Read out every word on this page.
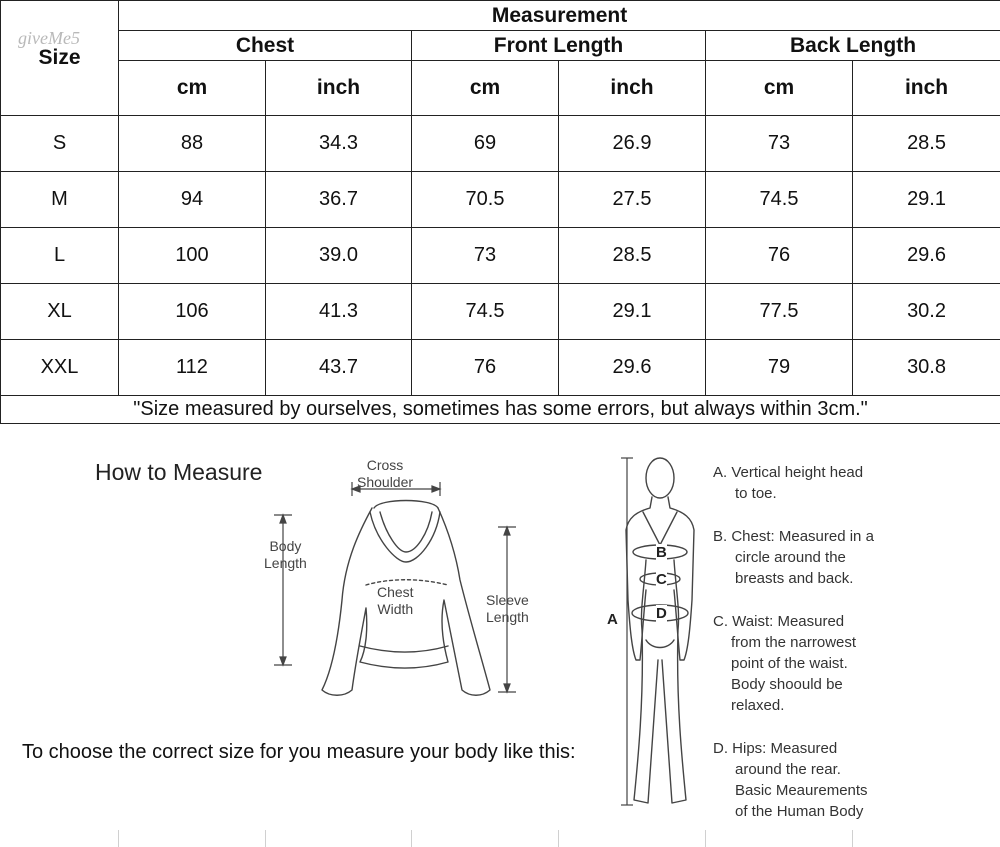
Size	Measurement					
	Chest		Front Length		Back Length	
	cm	inch	cm	inch	cm	inch
S	88	34.3	69	26.9	73	28.5
M	94	36.7	70.5	27.5	74.5	29.1
L	100	39.0	73	28.5	76	29.6
XL	106	41.3	74.5	29.1	77.5	30.2
XXL	112	43.7	76	29.6	79	30.8
"Size measured by ourselves, sometimes has some errors, but always within 3cm."						
giveMe5
How to Measure
To choose the correct size for you measure your body like this:
Cross
Shoulder
Body
Length
Chest
Width
Sleeve
Length	A
B
C
D
A. Vertical height head
to toe.
B. Chest: Measured in a
circle around the
breasts and back.
C. Waist: Measured
from the narrowest
point of the waist.
Body shoould be
relaxed.
D. Hips: Measured
around the rear.
Basic Meaurements
of the Human Body
